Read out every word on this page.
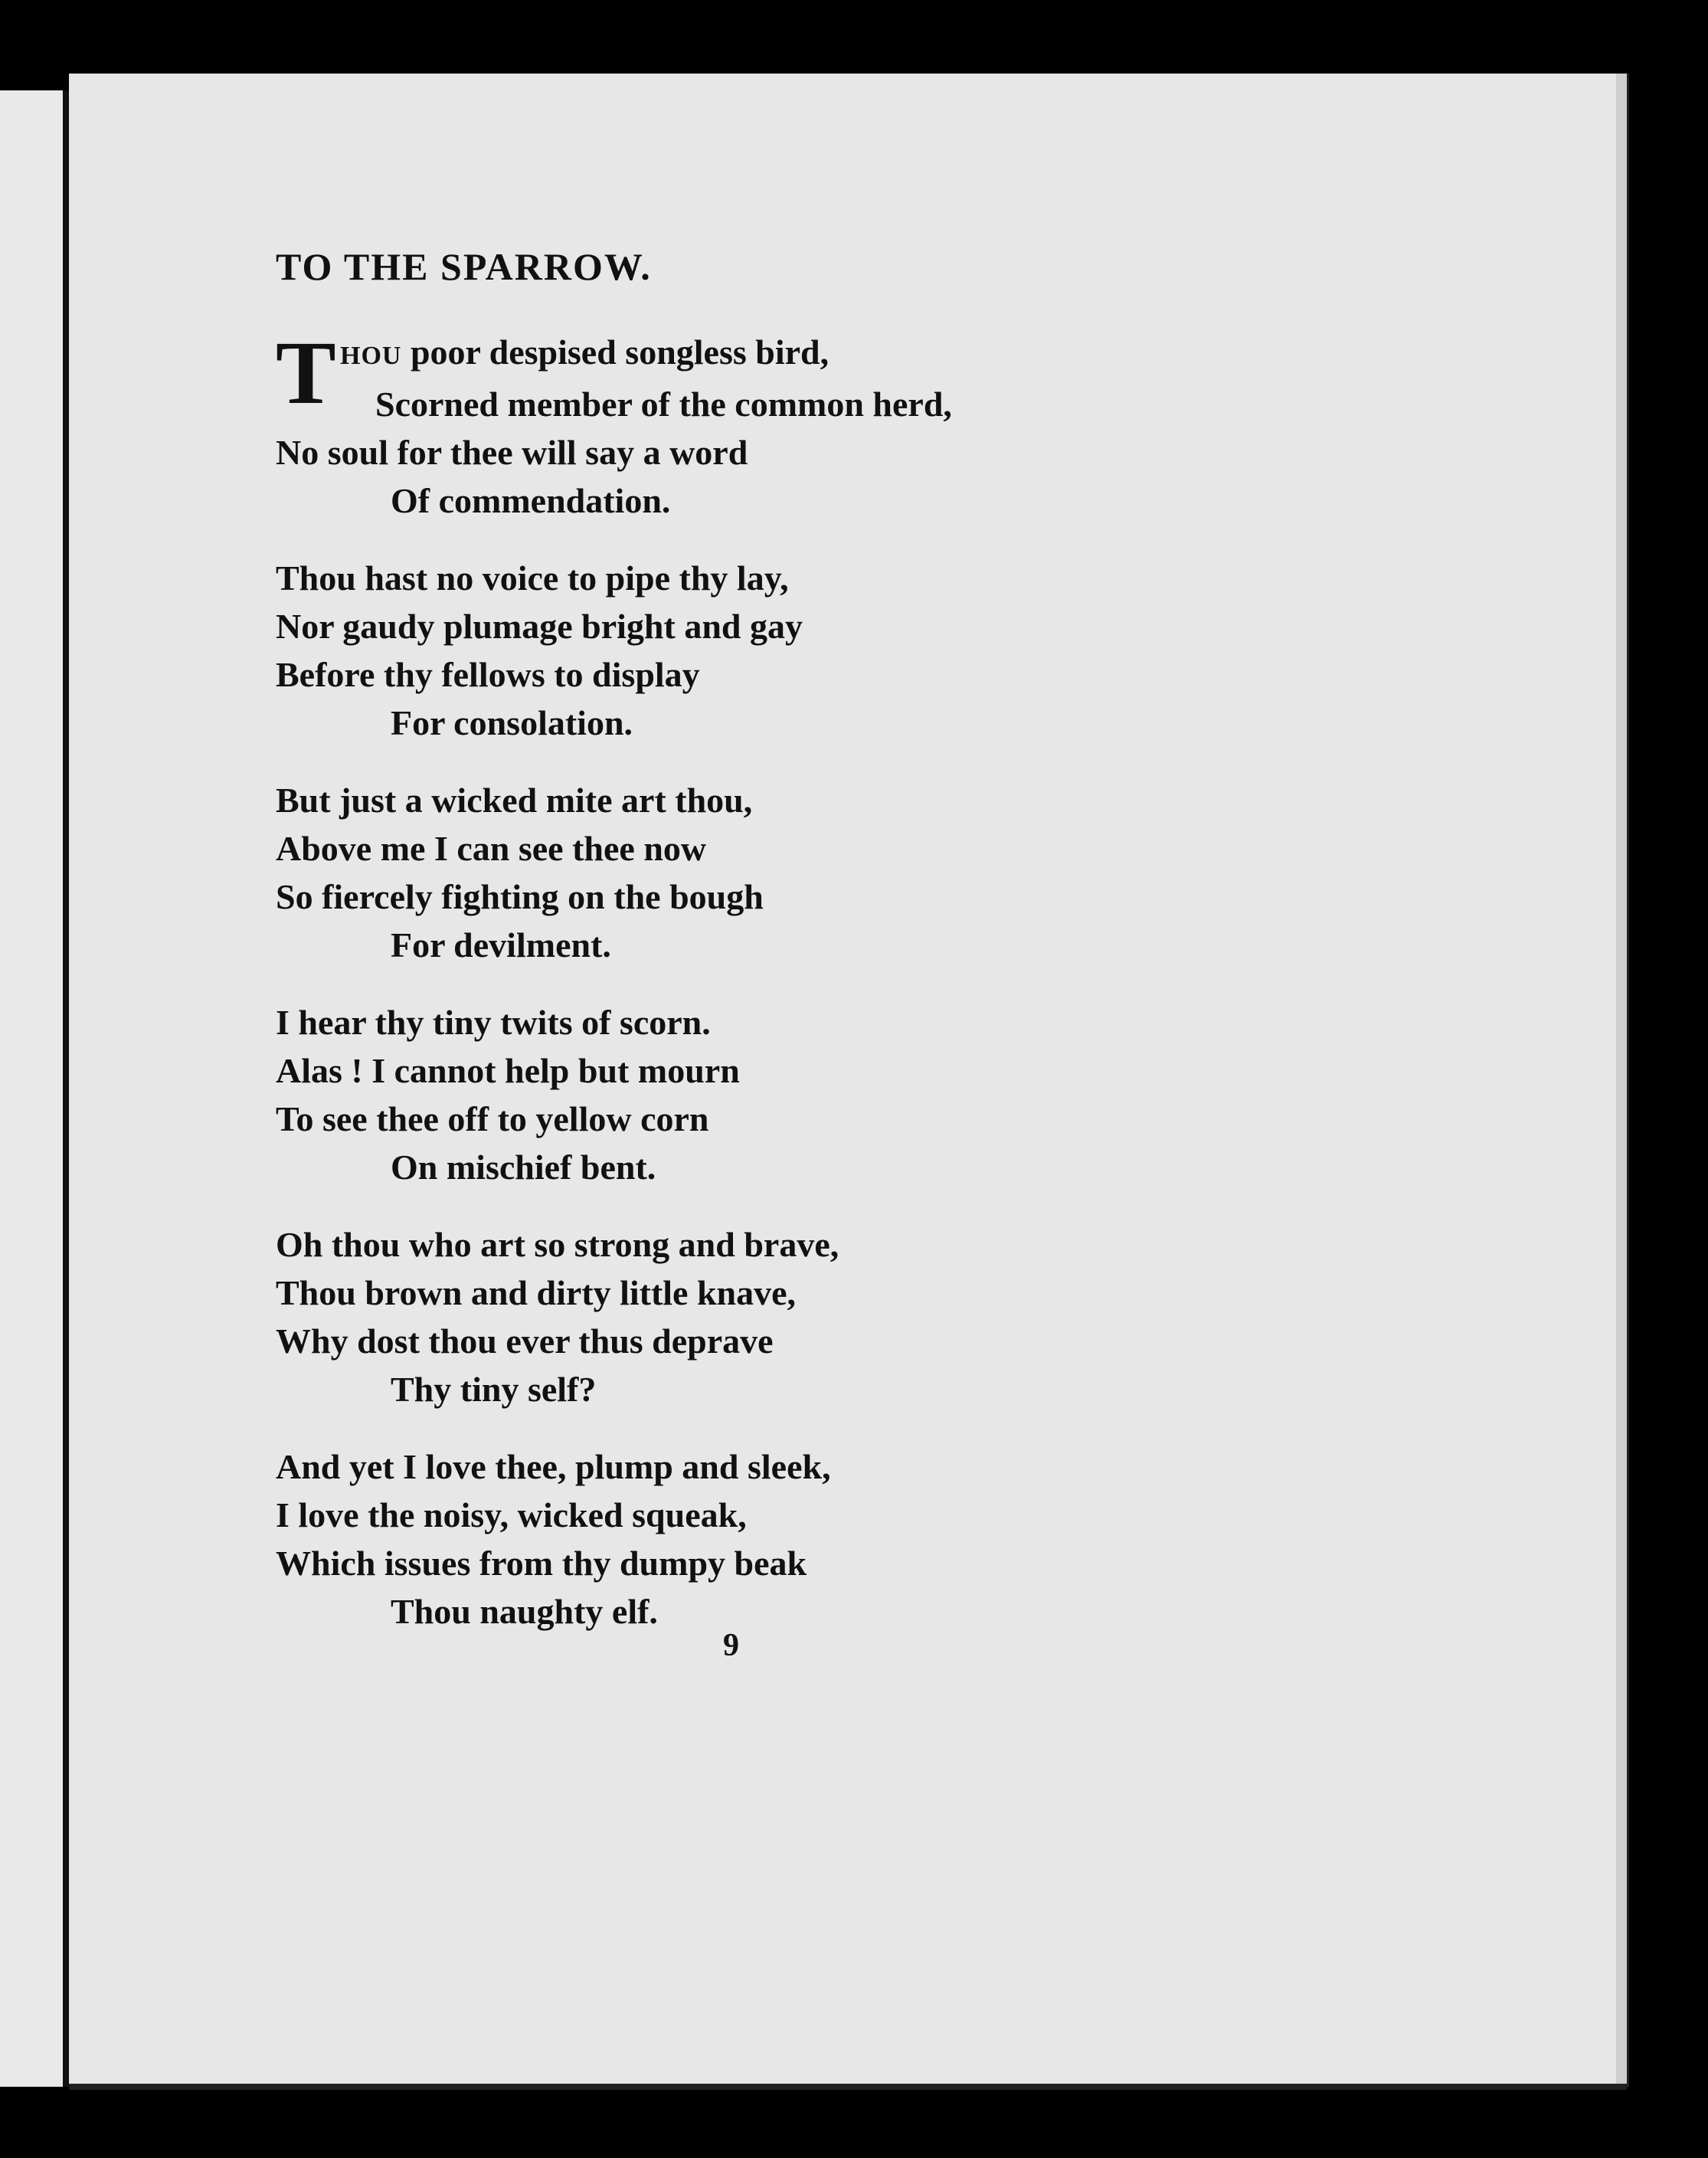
TO THE SPARROW.
T HOU poor despised songless bird,
Scorned member of the common herd,
No soul for thee will say a word
Of commendation.
Thou hast no voice to pipe thy lay,
Nor gaudy plumage bright and gay
Before thy fellows to display
For consolation.
But just a wicked mite art thou,
Above me I can see thee now
So fiercely fighting on the bough
For devilment.
I hear thy tiny twits of scorn.
Alas ! I cannot help but mourn
To see thee off to yellow corn
On mischief bent.
Oh thou who art so strong and brave,
Thou brown and dirty little knave,
Why dost thou ever thus deprave
Thy tiny self?
And yet I love thee, plump and sleek,
I love the noisy, wicked squeak,
Which issues from thy dumpy beak
Thou naughty elf.
9
